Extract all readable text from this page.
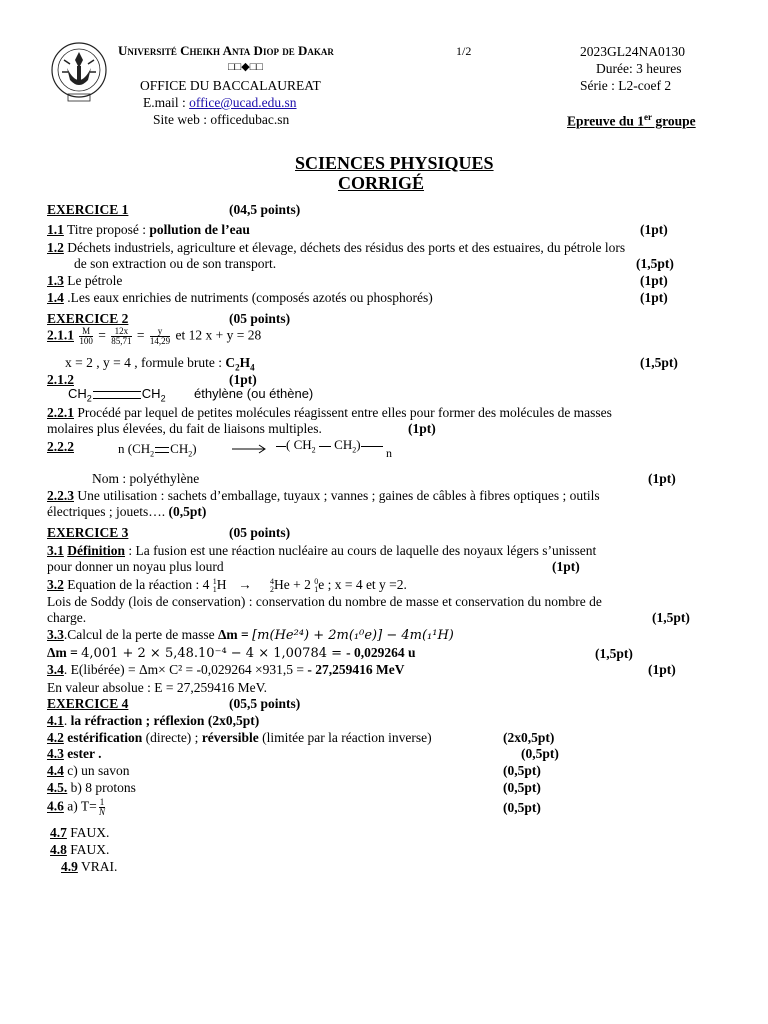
Université Cheikh Anta Diop de Dakar	1/2	2023GL24NA0130
□□◆□□	Durée: 3 heures
OFFICE DU BACCALAUREAT	Série : L2-coef 2
E.mail : office@ucad.edu.sn
Site web : officedubac.sn	Epreuve du 1er groupe
SCIENCES PHYSIQUES
CORRIGÉ
EXERCICE 1	(04,5 points)
1.1 Titre proposé : pollution de l’eau	(1pt)
1.2 Déchets industriels, agriculture et élevage, déchets des résidus des ports et des estuaires, du pétrole lors
de son extraction ou de son transport.	(1,5pt)
1.3 Le pétrole	(1pt)
1.4 .Les eaux enrichies de nutriments (composés azotés ou phosphorés)	(1pt)
EXERCICE 2	(05 points)
$2.1.1 \frac{M}{100} = \frac{12x}{85,71} = \frac{y}{14,29}$ et 12 x + y = 28
x = 2 , y = 4 , formule brute : $C_2H_4$	(1,5pt)
2.1.2	(1pt)
$CH_2$	$CH_2$ éthylène (ou éthène)
2.2.1 Procédé par lequel de petites molécules réagissent entre elles pour former des molécules de masses
molaires plus élevées, du fait de liaisons multiples.	(1pt)
2.2.2	n ($CH_2$ $CH_2$)	( $CH_2$ $CH_2$)
n
Nom : polyéthylène	(1pt)
2.2.3 Une utilisation : sachets d’emballage, tuyaux ; vannes ; gaines de câbles à fibres optiques ; outils
électriques ; jouets…. (0,5pt)
EXERCICE 3	(05 points)
3.1 Définition : La fusion est une réaction nucléaire au cours de laquelle des noyaux légers s’unissent
pour donner un noyau plus lourd	(1pt)
3.2 Equation de la réaction : 4 1
1 H → 4
2 He + 2 0
1 e ; x = 4 et y =2.
Lois de Soddy (lois de conservation) : conservation du nombre de masse et conservation du nombre de
charge.	(1,5pt)
3.3.Calcul de la perte de masse Δm = [m(He²⁴) + 2m(₁⁰e)] − 4m(₁¹H)
Δm = 4,001 + 2 × 5,48.10⁻⁴ − 4 × 1,00784 = - 0,029264 u	(1,5pt)
3.4. E(libérée) = Δm× C² = -0,029264 ×931,5 = - 27,259416 MeV	(1pt)
En valeur absolue : E = 27,259416 MeV.
EXERCICE 4	(05,5 points)
4.1. la réfraction ; réflexion (2x0,5pt)
4.2 estérification (directe) ; réversible (limitée par la réaction inverse)	(2x0,5pt)
4.3 ester .	(0,5pt)
4.4 c) un savon	(0,5pt)
4.5. b) 8 protons	(0,5pt)
4.6 a) $T= \frac{1}{N}$	(0,5pt)
4.7 FAUX.
4.8 FAUX.
4.9 VRAI.
